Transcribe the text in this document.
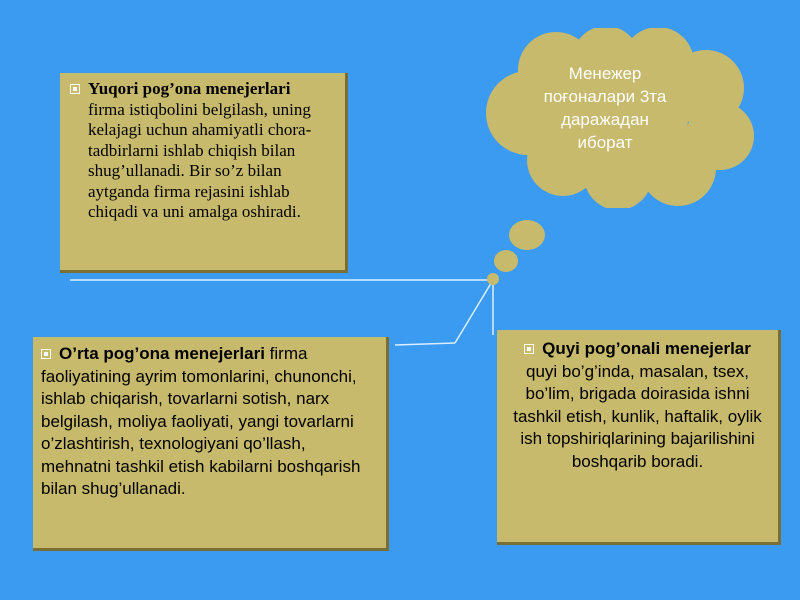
Менежер
поғоналари 3та
даражадан
иборат
Yuqori pog’ona menejerlari
firma istiqbolini belgilash, uning kelajagi uchun ahamiyatli chora-tadbirlarni ishlab chiqish bilan shug’ullanadi. Bir so’z bilan aytganda firma rejasini ishlab chiqadi va uni amalga oshiradi.
O’rta pog’ona menejerlari firma faoliyatining ayrim tomonlarini, chunonchi, ishlab chiqarish, tovarlarni sotish, narx belgilash, moliya faoliyati, yangi tovarlarni o’zlashtirish, texnologiyani qo’llash, mehnatni tashkil etish kabilarni boshqarish bilan shug’ullanadi.
Quyi pog’onali menejerlar quyi bo’g’inda, masalan, tsex, bo’lim, brigada doirasida ishni tashkil etish, kunlik, haftalik, oylik ish topshiriqlarining bajarilishini boshqarib boradi.
